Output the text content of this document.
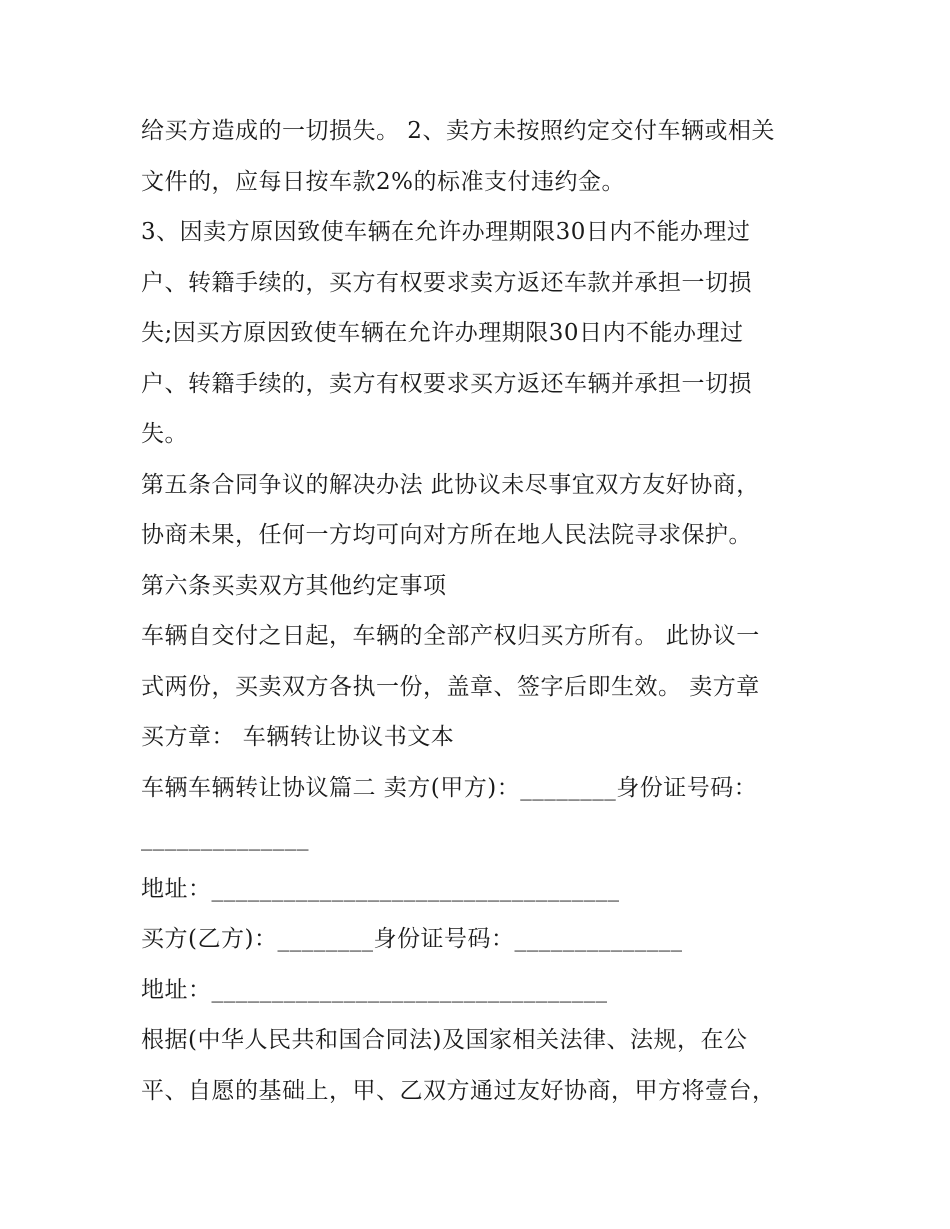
给买方造成的一切损失。 2、卖方未按照约定交付车辆或相关
文件的，应每日按车款2%的标准支付违约金。
3、因卖方原因致使车辆在允许办理期限30日内不能办理过
户、转籍手续的，买方有权要求卖方返还车款并承担一切损
失;因买方原因致使车辆在允许办理期限30日内不能办理过
户、转籍手续的，卖方有权要求买方返还车辆并承担一切损
失。
第五条合同争议的解决办法 此协议未尽事宜双方友好协商，
协商未果，任何一方均可向对方所在地人民法院寻求保护。
第六条买卖双方其他约定事项
车辆自交付之日起，车辆的全部产权归买方所有。 此协议一
式两份，买卖双方各执一份，盖章、签字后即生效。 卖方章
买方章： 车辆转让协议书文本
车辆车辆转让协议篇二 卖方(甲方)：________身份证号码：
______________
地址：__________________________________
买方(乙方)：________身份证号码：______________
地址：_________________________________
根据(中华人民共和国合同法)及国家相关法律、法规，在公
平、自愿的基础上，甲、乙双方通过友好协商，甲方将壹台，
